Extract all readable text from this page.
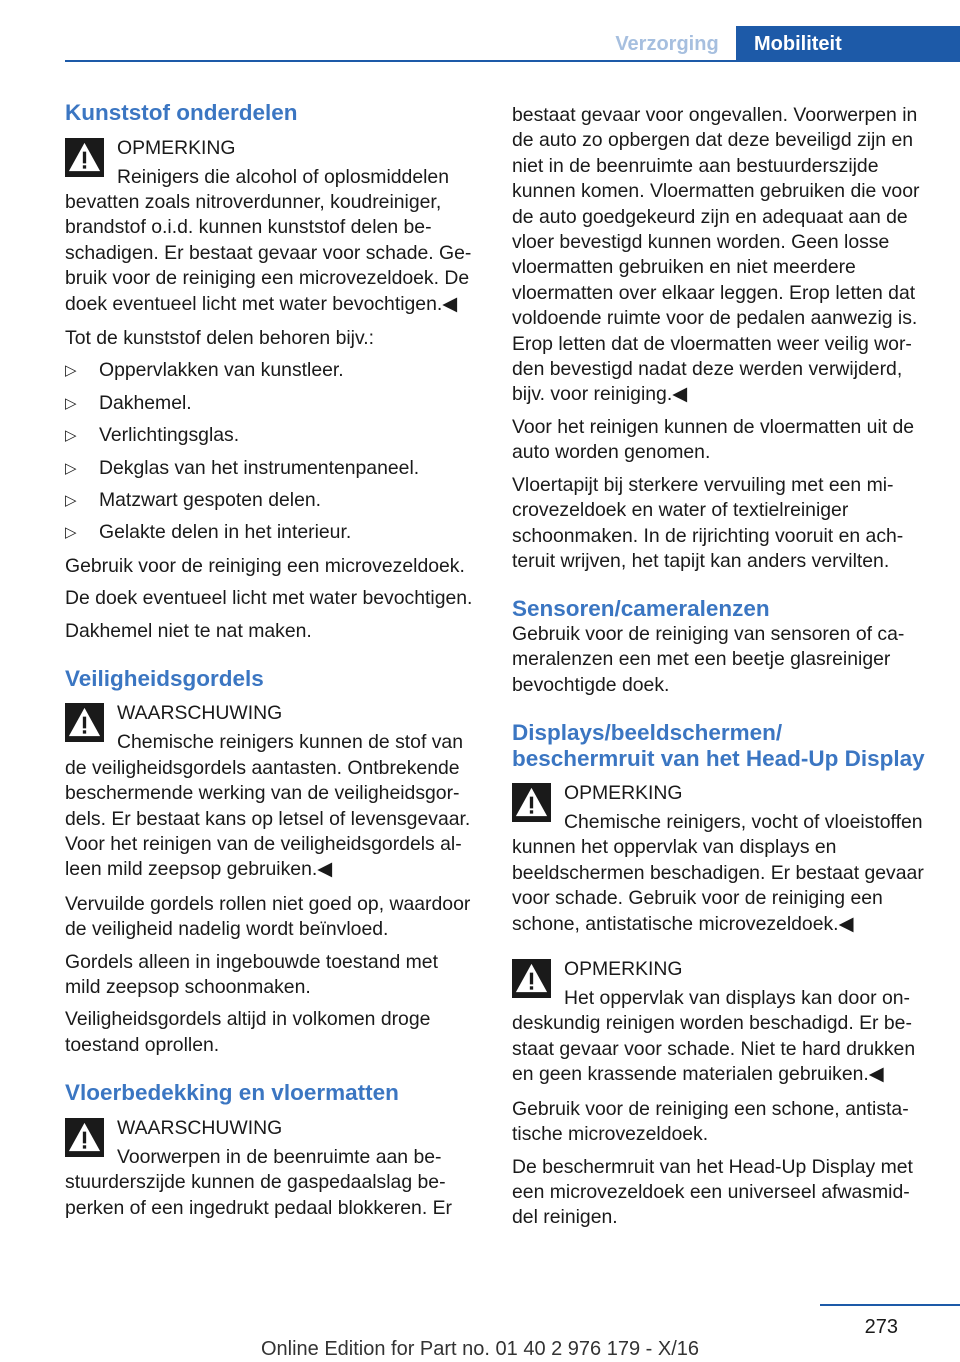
Verzorging	Mobiliteit
Kunststof onderdelen
OPMERKING
Reinigers die alcohol of oplosmiddelen bevatten zoals nitroverdunner, koudreiniger, brandstof o.i.d. kunnen kunststof delen beschadigen. Er bestaat gevaar voor schade. Gebruik voor de reiniging een microvezeldoek. De doek eventueel licht met water bevochtigen.◀

Tot de kunststof delen behoren bijv.:

▷ Oppervlakken van kunstleer.
▷ Dakhemel.
▷ Verlichtingsglas.
▷ Dekglas van het instrumentenpaneel.
▷ Matzwart gespoten delen.
▷ Gelakte delen in het interieur.

Gebruik voor de reiniging een microvezeldoek.

De doek eventueel licht met water bevochtigen.

Dakhemel niet te nat maken.

Veiligheidsgordels
WAARSCHUWING
Chemische reinigers kunnen de stof van de veiligheidsgordels aantasten. Ontbrekende beschermende werking van de veiligheidsgordels. Er bestaat kans op letsel of levensgevaar. Voor het reinigen van de veiligheidsgordels alleen mild zeepsop gebruiken.◀

Vervuilde gordels rollen niet goed op, waardoor de veiligheid nadelig wordt beïnvloed.

Gordels alleen in ingebouwde toestand met mild zeepsop schoonmaken.

Veiligheidsgordels altijd in volkomen droge toestand oprollen.

Vloerbedekking en vloermatten
WAARSCHUWING
Voorwerpen in de beenruimte aan bestuurderszijde kunnen de gaspedaalslag beperken of een ingedrukt pedaal blokkeren. Er

bestaat gevaar voor ongevallen. Voorwerpen in de auto zo opbergen dat deze beveiligd zijn en niet in de beenruimte aan bestuurderszijde kunnen komen. Vloermatten gebruiken die voor de auto goedgekeurd zijn en adequaat aan de vloer bevestigd kunnen worden. Geen losse vloermatten gebruiken en niet meerdere vloermatten over elkaar leggen. Erop letten dat voldoende ruimte voor de pedalen aanwezig is. Erop letten dat de vloermatten weer veilig worden bevestigd nadat deze werden verwijderd, bijv. voor reiniging.◀

Voor het reinigen kunnen de vloermatten uit de auto worden genomen.

Vloertapijt bij sterkere vervuiling met een microvezeldoek en water of textielreiniger schoonmaken. In de rijrichting vooruit en achteruit wrijven, het tapijt kan anders vervilten.

Sensoren/cameralenzen

Gebruik voor de reiniging van sensoren of cameralenzen een met een beetje glasreiniger bevochtigde doek.

Displays/beeldschermen/ beschermruit van het Head-Up Display
OPMERKING
Chemische reinigers, vocht of vloeistoffen kunnen het oppervlak van displays en beeldschermen beschadigen. Er bestaat gevaar voor schade. Gebruik voor de reiniging een schone, antistatische microvezeldoek.◀
OPMERKING
Het oppervlak van displays kan door ondeskundig reinigen worden beschadigd. Er bestaat gevaar voor schade. Niet te hard drukken en geen krassende materialen gebruiken.◀

Gebruik voor de reiniging een schone, antistatische microvezeldoek.

De beschermruit van het Head-Up Display met een microvezeldoek een universeel afwasmiddel reinigen.

273
Online Edition for Part no. 01 40 2 976 179 - X/16
